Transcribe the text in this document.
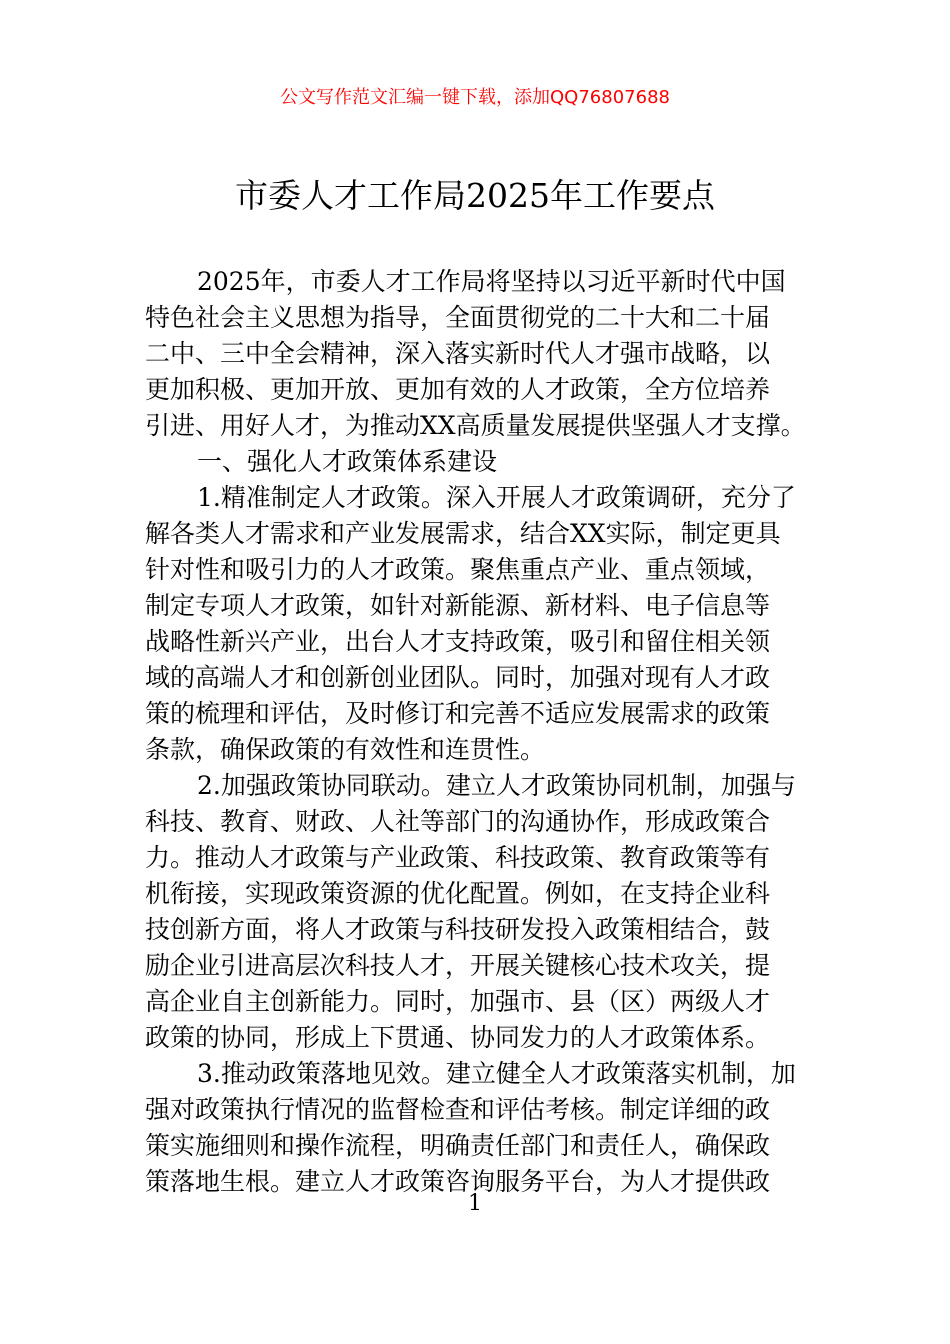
公文写作范文汇编一键下载，添加QQ76807688
市委人才工作局2025年工作要点
2025年，市委人才工作局将坚持以习近平新时代中国
特色社会主义思想为指导，全面贯彻党的二十大和二十届
二中、三中全会精神，深入落实新时代人才强市战略，以
更加积极、更加开放、更加有效的人才政策，全方位培养
引进、用好人才，为推动XX高质量发展提供坚强人才支撑。
一、强化人才政策体系建设
1.精准制定人才政策。深入开展人才政策调研，充分了
解各类人才需求和产业发展需求，结合XX实际，制定更具
针对性和吸引力的人才政策。聚焦重点产业、重点领域，
制定专项人才政策，如针对新能源、新材料、电子信息等
战略性新兴产业，出台人才支持政策，吸引和留住相关领
域的高端人才和创新创业团队。同时，加强对现有人才政
策的梳理和评估，及时修订和完善不适应发展需求的政策
条款，确保政策的有效性和连贯性。
2.加强政策协同联动。建立人才政策协同机制，加强与
科技、教育、财政、人社等部门的沟通协作，形成政策合
力。推动人才政策与产业政策、科技政策、教育政策等有
机衔接，实现政策资源的优化配置。例如，在支持企业科
技创新方面，将人才政策与科技研发投入政策相结合，鼓
励企业引进高层次科技人才，开展关键核心技术攻关，提
高企业自主创新能力。同时，加强市、县（区）两级人才
政策的协同，形成上下贯通、协同发力的人才政策体系。
3.推动政策落地见效。建立健全人才政策落实机制，加
强对政策执行情况的监督检查和评估考核。制定详细的政
策实施细则和操作流程，明确责任部门和责任人，确保政
策落地生根。建立人才政策咨询服务平台，为人才提供政
1
